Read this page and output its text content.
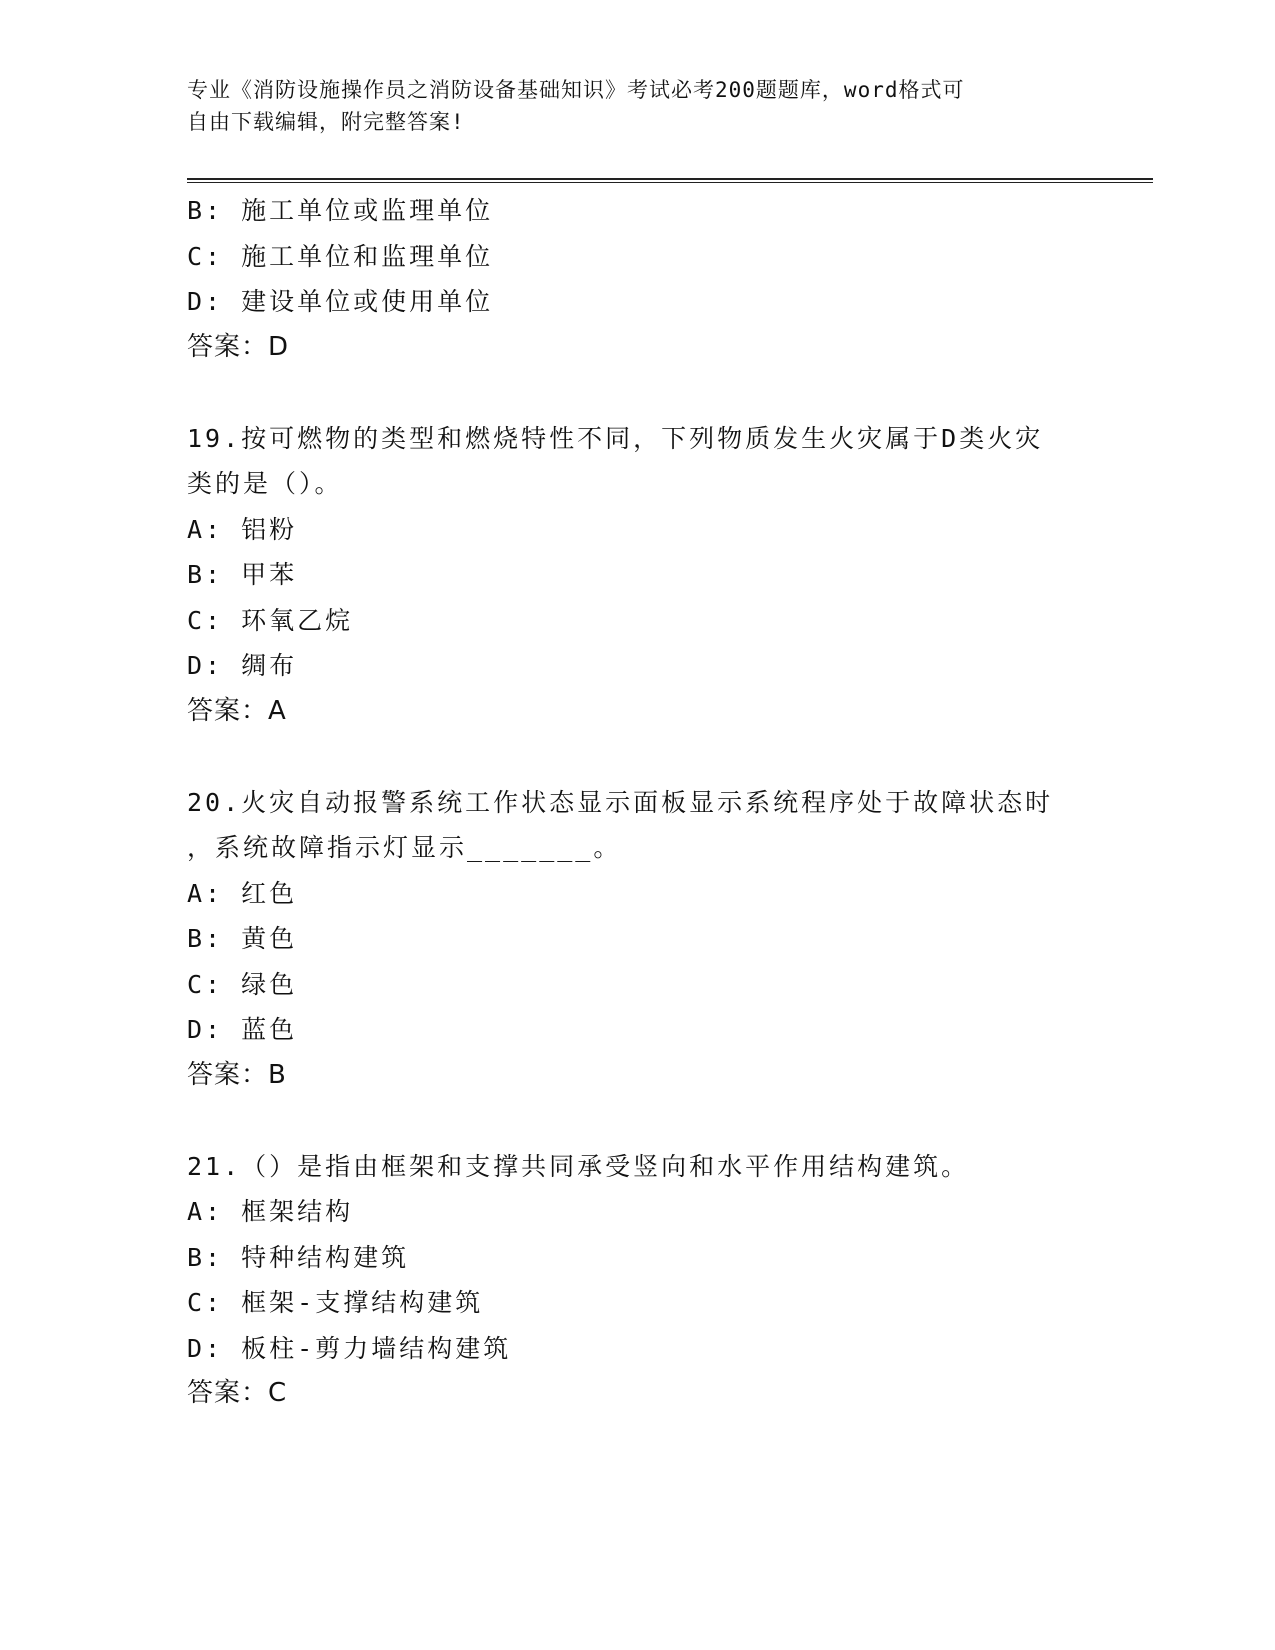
专业《消防设施操作员之消防设备基础知识》考试必考200题题库，word格式可
自由下载编辑，附完整答案!
B: 施工单位或监理单位
C: 施工单位和监理单位
D: 建设单位或使用单位
答案：D
19.按可燃物的类型和燃烧特性不同，下列物质发生火灾属于D类火灾
类的是（）。
A: 铝粉
B: 甲苯
C: 环氧乙烷
D: 绸布
答案：A
20.火灾自动报警系统工作状态显示面板显示系统程序处于故障状态时
，系统故障指示灯显示_______。
A: 红色
B: 黄色
C: 绿色
D: 蓝色
答案：B
21.（）是指由框架和支撑共同承受竖向和水平作用结构建筑。
A: 框架结构
B: 特种结构建筑
C: 框架-支撑结构建筑
D: 板柱-剪力墙结构建筑
答案：C
